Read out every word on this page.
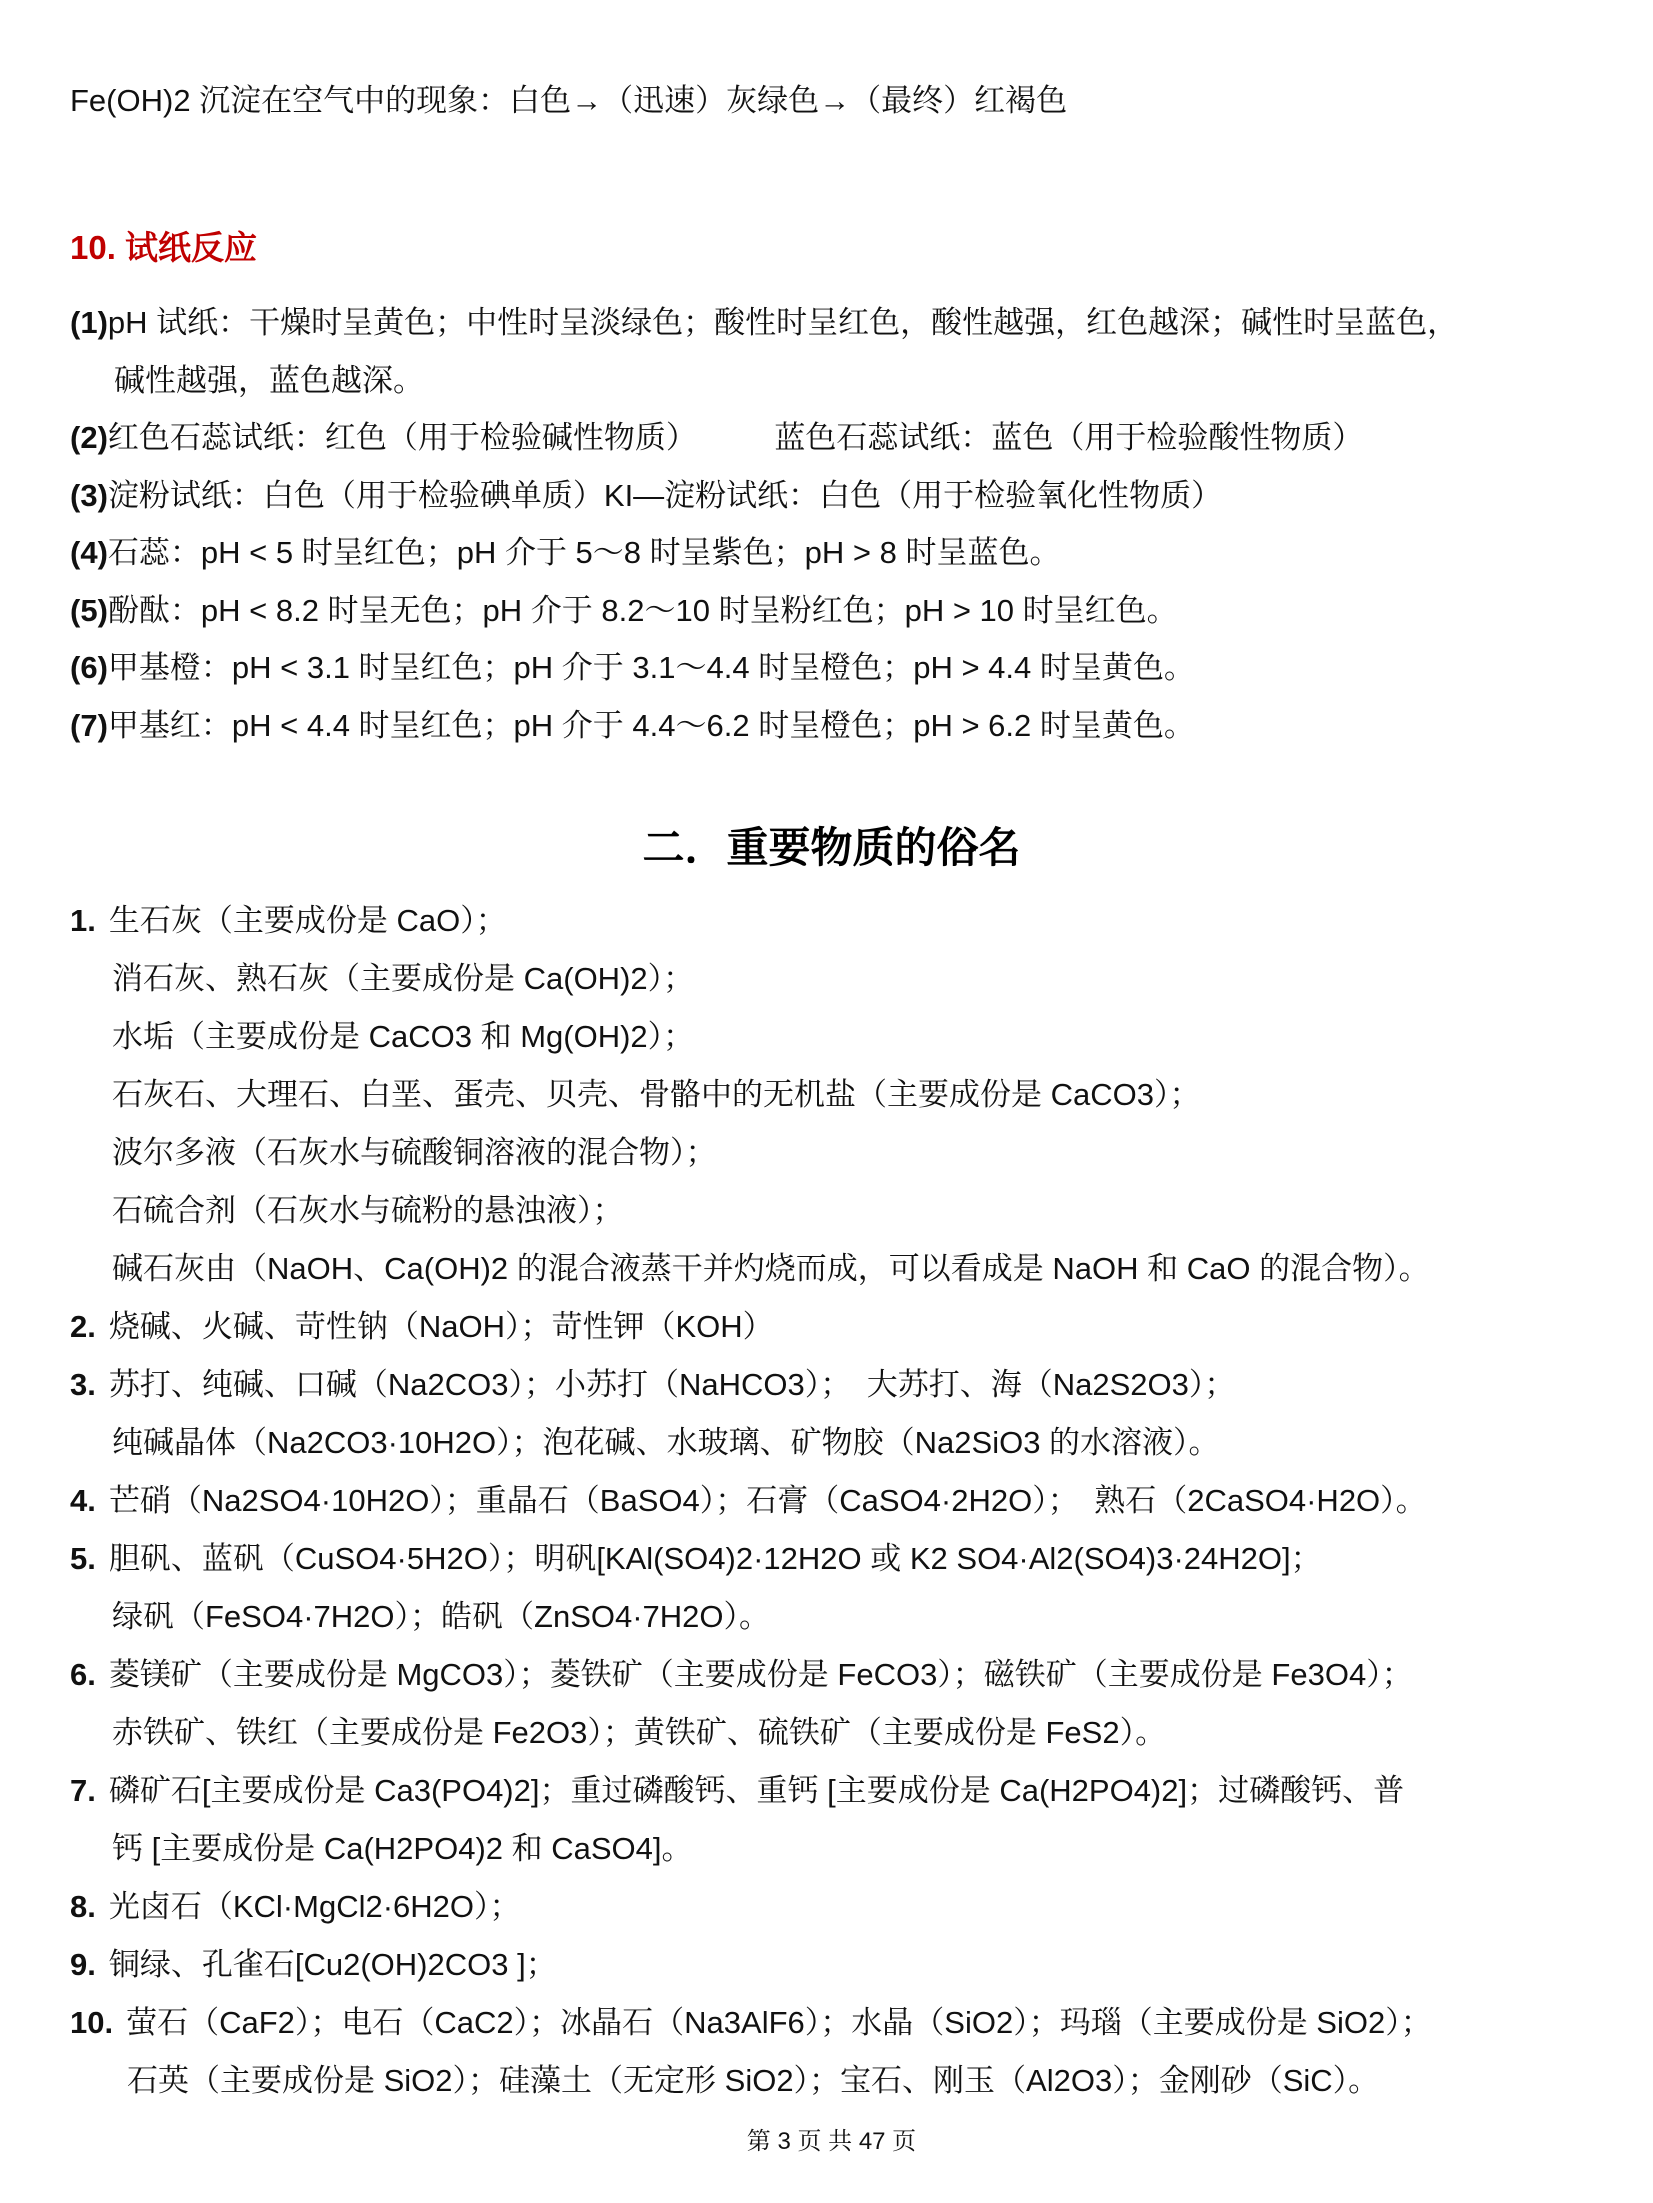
Fe(OH)2 沉淀在空气中的现象：白色→（迅速）灰绿色→（最终）红褐色
10. 试纸反应
(1)pH 试纸：干燥时呈黄色；中性时呈淡绿色；酸性时呈红色，酸性越强，红色越深；碱性时呈蓝色，
碱性越强，蓝色越深。
(2)红色石蕊试纸：红色（用于检验碱性物质）　　　蓝色石蕊试纸：蓝色（用于检验酸性物质）
(3)淀粉试纸：白色（用于检验碘单质）KI—淀粉试纸：白色（用于检验氧化性物质）
(4)石蕊：pH < 5 时呈红色；pH 介于 5～8 时呈紫色；pH > 8 时呈蓝色。
(5)酚酞：pH < 8.2 时呈无色；pH 介于 8.2～10 时呈粉红色；pH > 10 时呈红色。
(6)甲基橙：pH < 3.1 时呈红色；pH 介于 3.1～4.4 时呈橙色；pH > 4.4 时呈黄色。
(7)甲基红：pH < 4.4 时呈红色；pH 介于 4.4～6.2 时呈橙色；pH > 6.2 时呈黄色。
二．重要物质的俗名
1. 生石灰（主要成份是 CaO）；
消石灰、熟石灰（主要成份是 Ca(OH)2）；
水垢（主要成份是 CaCO3 和 Mg(OH)2）；
石灰石、大理石、白垩、蛋壳、贝壳、骨骼中的无机盐（主要成份是 CaCO3）；
波尔多液（石灰水与硫酸铜溶液的混合物）；
石硫合剂（石灰水与硫粉的悬浊液）；
碱石灰由（NaOH、Ca(OH)2 的混合液蒸干并灼烧而成，可以看成是 NaOH 和 CaO 的混合物）。
2. 烧碱、火碱、苛性钠（NaOH）；苛性钾（KOH）
3. 苏打、纯碱、口碱（Na2CO3）；小苏打（NaHCO3）；　大苏打、海（Na2S2O3）；
纯碱晶体（Na2CO3·10H2O）；泡花碱、水玻璃、矿物胶（Na2SiO3 的水溶液）。
4. 芒硝（Na2SO4·10H2O）；重晶石（BaSO4）；石膏（CaSO4·2H2O）；　熟石（2CaSO4·H2O）。
5. 胆矾、蓝矾（CuSO4·5H2O）；明矾[KAl(SO4)2·12H2O 或 K2 SO4·Al2(SO4)3·24H2O]；
绿矾（FeSO4·7H2O）；皓矾（ZnSO4·7H2O）。
6. 菱镁矿（主要成份是 MgCO3）；菱铁矿（主要成份是 FeCO3）；磁铁矿（主要成份是 Fe3O4）；
赤铁矿、铁红（主要成份是 Fe2O3）；黄铁矿、硫铁矿（主要成份是 FeS2）。
7. 磷矿石[主要成份是 Ca3(PO4)2]；重过磷酸钙、重钙 [主要成份是 Ca(H2PO4)2]；过磷酸钙、普
钙 [主要成份是 Ca(H2PO4)2 和 CaSO4]。
8. 光卤石（KCl·MgCl2·6H2O）；
9. 铜绿、孔雀石[Cu2(OH)2CO3 ]；
10. 萤石（CaF2）；电石（CaC2）；冰晶石（Na3AlF6）；水晶（SiO2）；玛瑙（主要成份是 SiO2）；
石英（主要成份是 SiO2）；硅藻土（无定形 SiO2）；宝石、刚玉（Al2O3）；金刚砂（SiC）。
第 3 页 共 47 页
